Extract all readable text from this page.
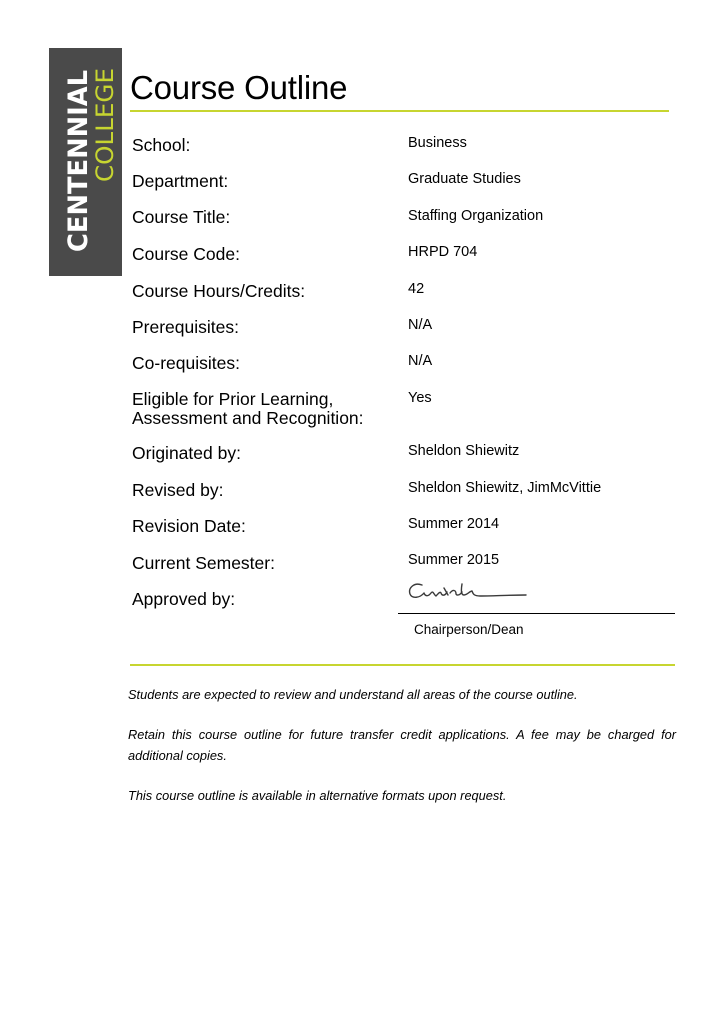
CENTENNIAL
COLLEGE Course Outline
School:	Business
Department:	Graduate Studies
Course Title:	Staffing Organization
Course Code:	HRPD 704
Course Hours/Credits:	42
Prerequisites:	N/A
Co-requisites:	N/A
Eligible for Prior Learning,
Assessment and Recognition:
Yes
Originated by:	Sheldon Shiewitz
Revised by:	Sheldon Shiewitz, JimMcVittie
Revision Date:	Summer 2014
Current Semester:	Summer 2015
Approved by:
Chairperson/Dean
Students are expected to review and understand all areas of the course outline.
Retain this course outline for future transfer credit applications. A fee may be charged for additional copies.
This course outline is available in alternative formats upon request.
